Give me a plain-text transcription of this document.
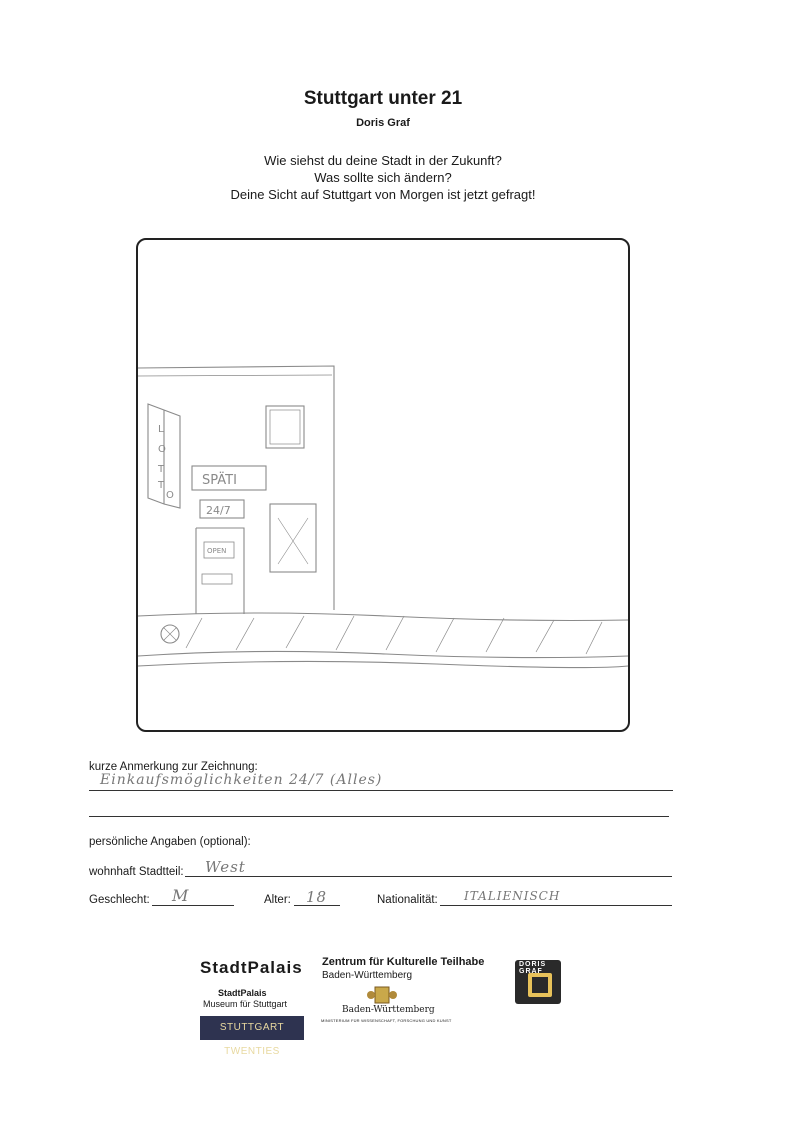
Stuttgart unter 21
Doris Graf
Wie siehst du deine Stadt in der Zukunft?
Was sollte sich ändern?
Deine Sicht auf Stuttgart von Morgen ist jetzt gefragt!
L
O
T
T
O
SPÄTI
24/7
OPEN
kurze Anmerkung zur Zeichnung:
Einkaufsmöglichkeiten 24/7 (Alles)
persönliche Angaben (optional):
wohnhaft Stadtteil: West
Geschlecht: M	Alter: 18	Nationalität: ITALIENISCH
StadtPalais
StadtPalais
Museum für Stuttgart
STUTTGART TWENTIES
Zentrum für Kulturelle Teilhabe
Baden-Württemberg
Baden-Württemberg
MINISTERIUM FÜR WISSENSCHAFT, FORSCHUNG UND KUNST
DORIS GRAF
